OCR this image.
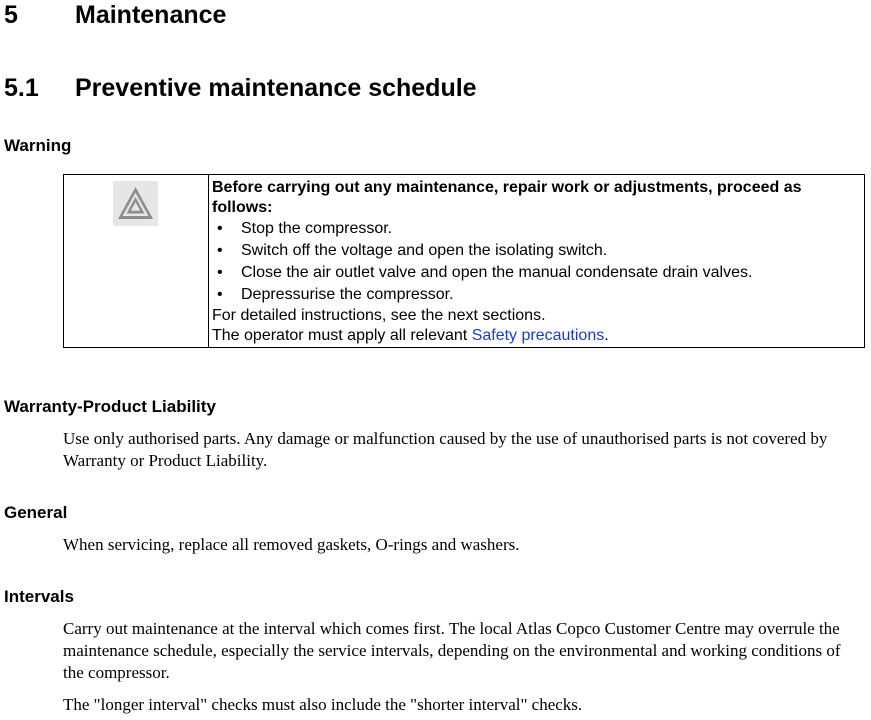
5 Maintenance
5.1 Preventive maintenance schedule
Warning

Before carrying out any maintenance, repair work or adjustments, proceed as follows:

• Stop the compressor.
• Switch off the voltage and open the isolating switch.
• Close the air outlet valve and open the manual condensate drain valves.
• Depressurise the compressor.

For detailed instructions, see the next sections.

The operator must apply all relevant Safety precautions.

Warranty-Product Liability

Use only authorised parts. Any damage or malfunction caused by the use of unauthorised parts is not covered by Warranty or Product Liability.

General

When servicing, replace all removed gaskets, O-rings and washers.

Intervals

Carry out maintenance at the interval which comes first. The local Atlas Copco Customer Centre may overrule the maintenance schedule, especially the service intervals, depending on the environmental and working conditions of the compressor.

The "longer interval" checks must also include the "shorter interval" checks.
